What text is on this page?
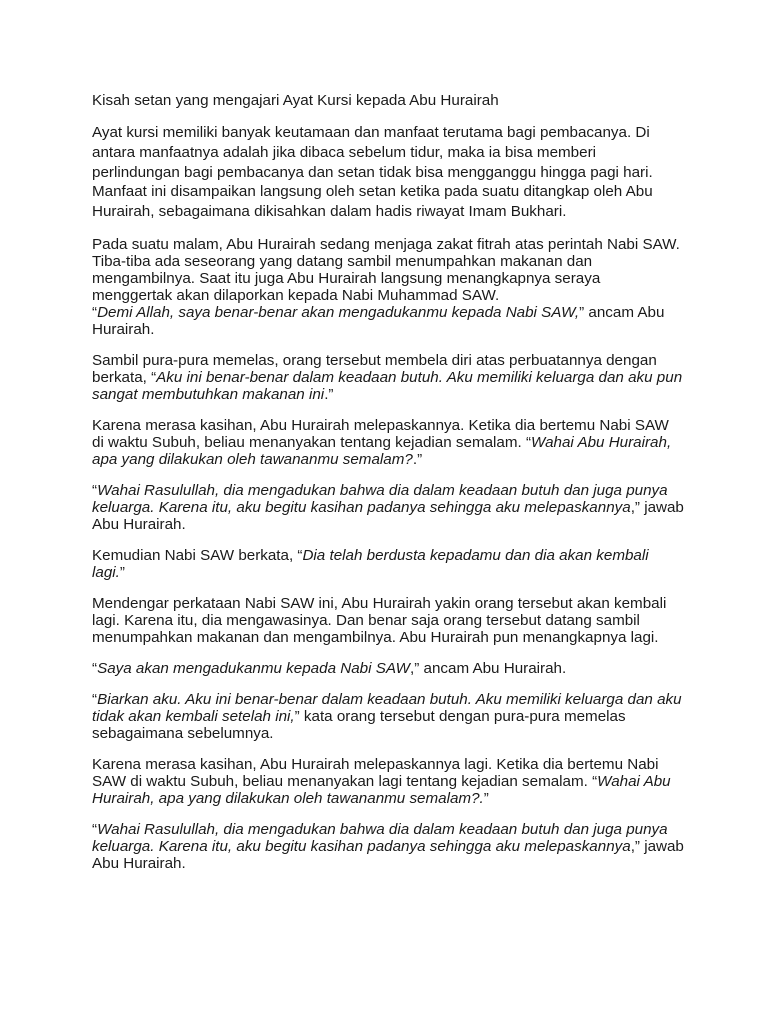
Kisah setan yang mengajari Ayat Kursi kepada Abu Hurairah
Ayat kursi memiliki banyak keutamaan dan manfaat terutama bagi pembacanya. Di
antara manfaatnya adalah jika dibaca sebelum tidur, maka ia bisa memberi
perlindungan bagi pembacanya dan setan tidak bisa mengganggu hingga pagi hari.
Manfaat ini disampaikan langsung oleh setan ketika pada suatu ditangkap oleh Abu
Hurairah, sebagaimana dikisahkan dalam hadis riwayat Imam Bukhari.
Pada suatu malam, Abu Hurairah sedang menjaga zakat fitrah atas perintah Nabi SAW.
Tiba-tiba ada seseorang yang datang sambil menumpahkan makanan dan
mengambilnya. Saat itu juga Abu Hurairah langsung menangkapnya seraya
menggertak akan dilaporkan kepada Nabi Muhammad SAW.
“Demi Allah, saya benar-benar akan mengadukanmu kepada Nabi SAW,” ancam Abu
Hurairah.
Sambil pura-pura memelas, orang tersebut membela diri atas perbuatannya dengan
berkata, “Aku ini benar-benar dalam keadaan butuh. Aku memiliki keluarga dan aku pun
sangat membutuhkan makanan ini.”
Karena merasa kasihan, Abu Hurairah melepaskannya. Ketika dia bertemu Nabi SAW
di waktu Subuh, beliau menanyakan tentang kejadian semalam. “Wahai Abu Hurairah,
apa yang dilakukan oleh tawananmu semalam?.”
“Wahai Rasulullah, dia mengadukan bahwa dia dalam keadaan butuh dan juga punya
keluarga. Karena itu, aku begitu kasihan padanya sehingga aku melepaskannya,” jawab
Abu Hurairah.
Kemudian Nabi SAW berkata, “Dia telah berdusta kepadamu dan dia akan kembali
lagi.”
Mendengar perkataan Nabi SAW ini, Abu Hurairah yakin orang tersebut akan kembali
lagi. Karena itu, dia mengawasinya. Dan benar saja orang tersebut datang sambil
menumpahkan makanan dan mengambilnya. Abu Hurairah pun menangkapnya lagi.
“Saya akan mengadukanmu kepada Nabi SAW,” ancam Abu Hurairah.
“Biarkan aku. Aku ini benar-benar dalam keadaan butuh. Aku memiliki keluarga dan aku
tidak akan kembali setelah ini,” kata orang tersebut dengan pura-pura memelas
sebagaimana sebelumnya.
Karena merasa kasihan, Abu Hurairah melepaskannya lagi. Ketika dia bertemu Nabi
SAW di waktu Subuh, beliau menanyakan lagi tentang kejadian semalam. “Wahai Abu
Hurairah, apa yang dilakukan oleh tawananmu semalam?.”
“Wahai Rasulullah, dia mengadukan bahwa dia dalam keadaan butuh dan juga punya
keluarga. Karena itu, aku begitu kasihan padanya sehingga aku melepaskannya,” jawab
Abu Hurairah.
